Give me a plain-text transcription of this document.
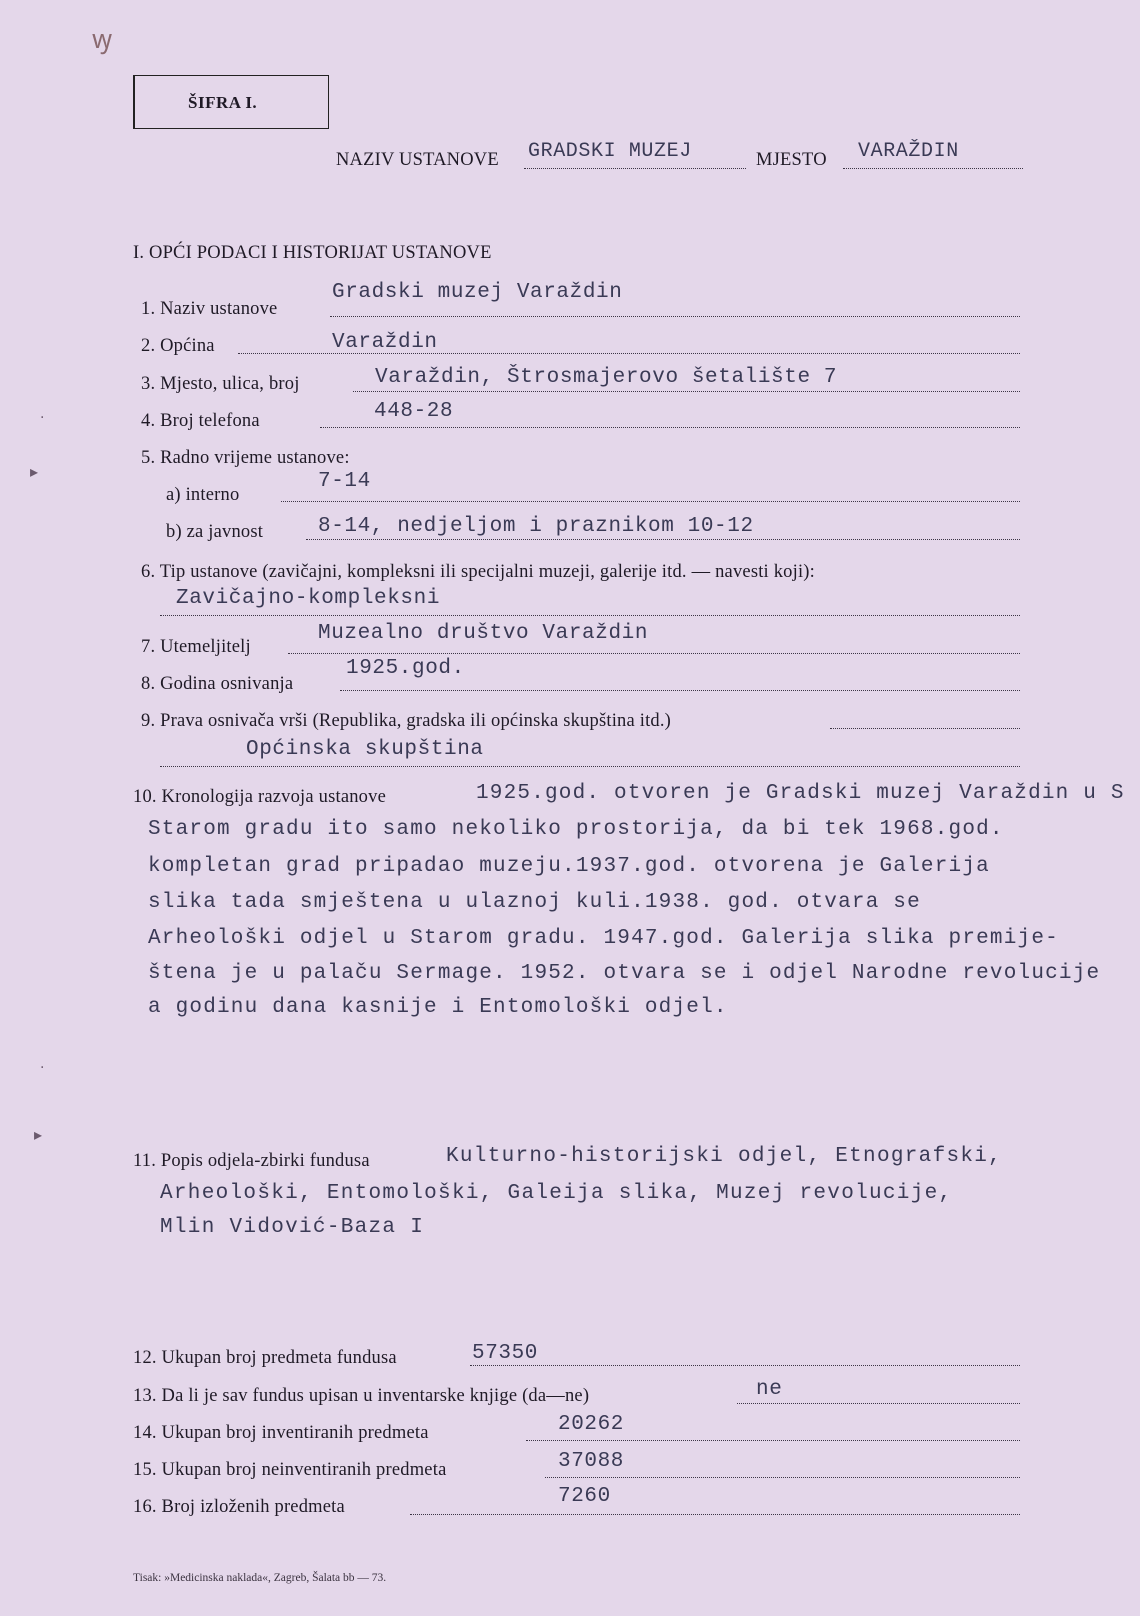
ꝡ
·
▸
·
▸
ŠIFRA I.
NAZIV USTANOVE GRADSKI MUZEJ	MJESTO VARAŽDIN
I. OPĆI PODACI I HISTORIJAT USTANOVE
1. Naziv ustanove
Gradski muzej Varaždin
2. Općina	Varaždin
3. Mjesto, ulica, broj	Varaždin, Štrosmajerovo šetalište 7
4. Broj telefona	448-28
5. Radno vrijeme ustanove:
a) interno
7-14
b) za javnost	8-14, nedjeljom i praznikom 10-12
6. Tip ustanove (zavičajni, kompleksni ili specijalni muzeji, galerije itd. — navesti koji):
Zavičajno-kompleksni
7. Utemeljitelj
Muzealno društvo Varaždin
8. Godina osnivanja
1925.god.
9. Prava osnivača vrši (Republika, gradska ili općinska skupština itd.)
Općinska skupština
10. Kronologija razvoja ustanove	1925.god. otvoren je Gradski muzej Varaždin u S
Starom gradu ito samo nekoliko prostorija, da bi tek 1968.god.
kompletan grad pripadao muzeju.1937.god. otvorena je Galerija
slika tada smještena u ulaznoj kuli.1938. god. otvara se
Arheološki odjel u Starom gradu. 1947.god. Galerija slika premije-
štena je u palaču Sermage. 1952. otvara se i odjel Narodne revolucije
a godinu dana kasnije i Entomološki odjel.
11. Popis odjela-zbirki fundusa	Kulturno-historijski odjel, Etnografski,
Arheološki, Entomološki, Galeija slika, Muzej revolucije,
Mlin Vidović-Baza I
12. Ukupan broj predmeta fundusa	57350
13. Da li je sav fundus upisan u inventarske knjige (da—ne)	ne
14. Ukupan broj inventiranih predmeta	20262
15. Ukupan broj neinventiranih predmeta	37088
16. Broj izloženih predmeta	7260
Tisak: »Medicinska naklada«, Zagreb, Šalata bb — 73.
